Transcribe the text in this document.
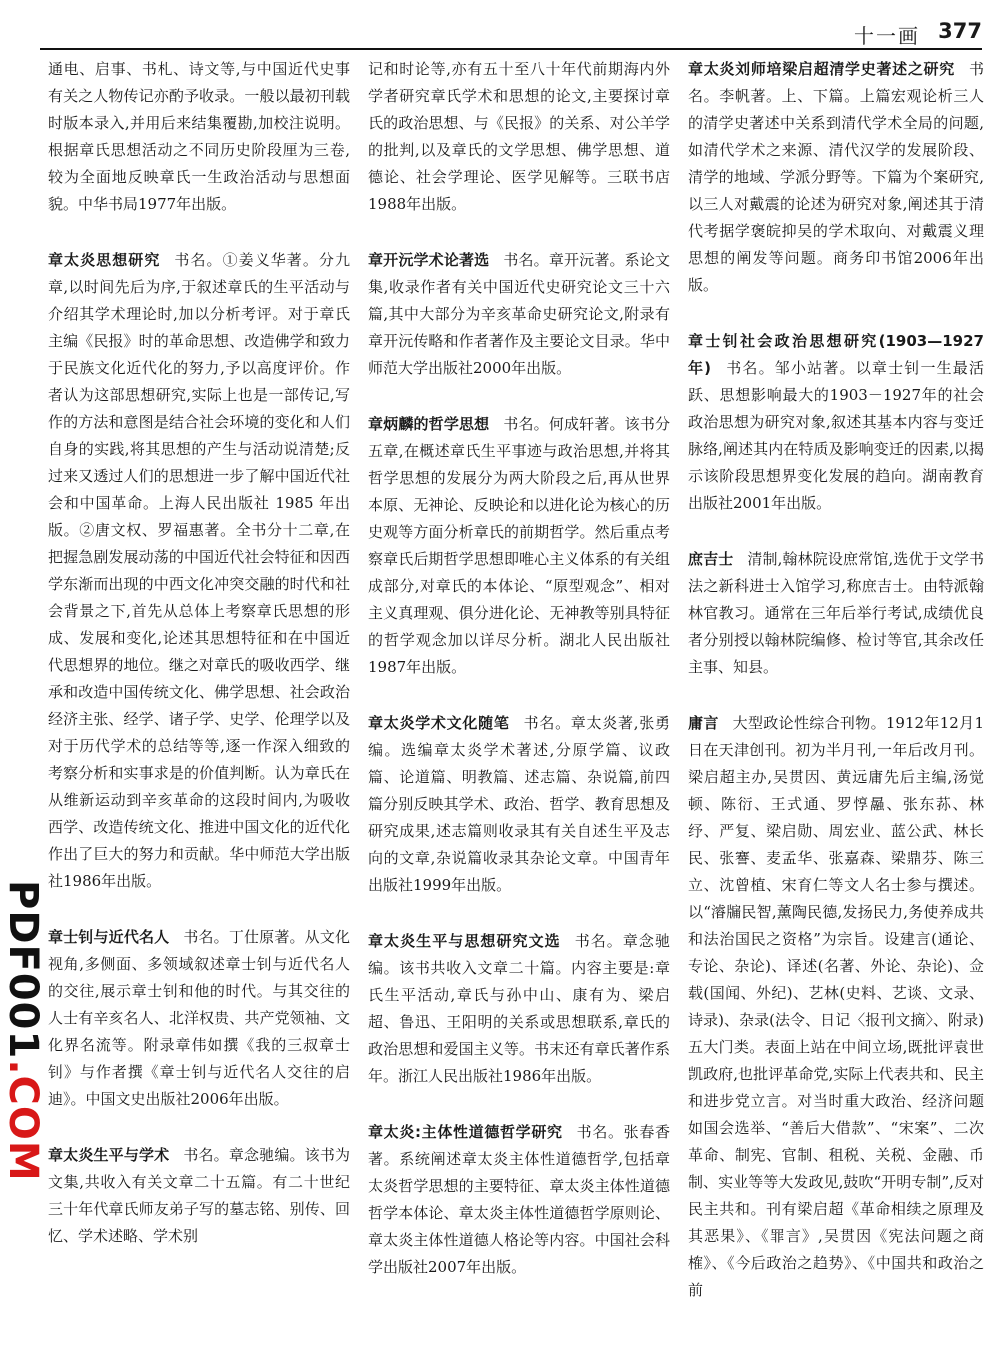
十一画 377
PDF001.COM

通电、启事、书札、诗文等,与中国近代史事有关之人物传记亦酌予收录。一般以最初刊载时版本录入,并用后来结集覆勘,加校注说明。根据章氏思想活动之不同历史阶段厘为三卷,较为全面地反映章氏一生政治活动与思想面貌。中华书局1977年出版。

章太炎思想研究 书名。①姜义华著。分九章,以时间先后为序,于叙述章氏的生平活动与介绍其学术理论时,加以分析考评。对于章氏主编《民报》时的革命思想、改造佛学和致力于民族文化近代化的努力,予以高度评价。作者认为这部思想研究,实际上也是一部传记,写作的方法和意图是结合社会环境的变化和人们自身的实践,将其思想的产生与活动说清楚;反过来又透过人们的思想进一步了解中国近代社会和中国革命。上海人民出版社 1985 年出版。②唐文权、罗福惠著。全书分十二章,在把握急剧发展动荡的中国近代社会特征和因西学东渐而出现的中西文化冲突交融的时代和社会背景之下,首先从总体上考察章氏思想的形成、发展和变化,论述其思想特征和在中国近代思想界的地位。继之对章氏的吸收西学、继承和改造中国传统文化、佛学思想、社会政治经济主张、经学、诸子学、史学、伦理学以及对于历代学术的总结等等,逐一作深入细致的考察分析和实事求是的价值判断。认为章氏在从维新运动到辛亥革命的这段时间内,为吸收西学、改造传统文化、推进中国文化的近代化作出了巨大的努力和贡献。华中师范大学出版社1986年出版。

章士钊与近代名人 书名。丁仕原著。从文化视角,多侧面、多领域叙述章士钊与近代名人的交往,展示章士钊和他的时代。与其交往的人士有辛亥名人、北洋权贵、共产党领袖、文化界名流等。附录章伟如撰《我的三叔章士钊》与作者撰《章士钊与近代名人交往的启迪》。中国文史出版社2006年出版。

章太炎生平与学术 书名。章念驰编。该书为文集,共收入有关文章二十五篇。有二十世纪三十年代章氏师友弟子写的墓志铭、别传、回忆、学术述略、学术别

记和时论等,亦有五十至八十年代前期海内外学者研究章氏学术和思想的论文,主要探讨章氏的政治思想、与《民报》的关系、对公羊学的批判,以及章氏的文学思想、佛学思想、道德论、社会学理论、医学见解等。三联书店1988年出版。

章开沅学术论著选 书名。章开沅著。系论文集,收录作者有关中国近代史研究论文三十六篇,其中大部分为辛亥革命史研究论文,附录有章开沅传略和作者著作及主要论文目录。华中师范大学出版社2000年出版。

章炳麟的哲学思想 书名。何成轩著。该书分五章,在概述章氏生平事迹与政治思想,并将其哲学思想的发展分为两大阶段之后,再从世界本原、无神论、反映论和以进化论为核心的历史观等方面分析章氏的前期哲学。然后重点考察章氏后期哲学思想即唯心主义体系的有关组成部分,对章氏的本体论、“原型观念”、相对主义真理观、俱分进化论、无神教等别具特征的哲学观念加以详尽分析。湖北人民出版社1987年出版。

章太炎学术文化随笔 书名。章太炎著,张勇编。选编章太炎学术著述,分原学篇、议政篇、论道篇、明教篇、述志篇、杂说篇,前四篇分别反映其学术、政治、哲学、教育思想及研究成果,述志篇则收录其有关自述生平及志向的文章,杂说篇收录其杂论文章。中国青年出版社1999年出版。

章太炎生平与思想研究文选 书名。章念驰编。该书共收入文章二十篇。内容主要是:章氏生平活动,章氏与孙中山、康有为、梁启超、鲁迅、王阳明的关系或思想联系,章氏的政治思想和爱国主义等。书末还有章氏著作系年。浙江人民出版社1986年出版。

章太炎:主体性道德哲学研究 书名。张春香著。系统阐述章太炎主体性道德哲学,包括章太炎哲学思想的主要特征、章太炎主体性道德哲学本体论、章太炎主体性道德哲学原则论、章太炎主体性道德人格论等内容。中国社会科学出版社2007年出版。

章太炎刘师培梁启超清学史著述之研究 书名。李帆著。上、下篇。上篇宏观论析三人的清学史著述中关系到清代学术全局的问题,如清代学术之来源、清代汉学的发展阶段、清学的地域、学派分野等。下篇为个案研究,以三人对戴震的论述为研究对象,阐述其于清代考据学褒皖抑吴的学术取向、对戴震义理思想的阐发等问题。商务印书馆2006年出版。

章士钊社会政治思想研究(1903—1927年) 书名。邹小站著。以章士钊一生最活跃、思想影响最大的1903－1927年的社会政治思想为研究对象,叙述其基本内容与变迁脉络,阐述其内在特质及影响变迁的因素,以揭示该阶段思想界变化发展的趋向。湖南教育出版社2001年出版。

庶吉士 清制,翰林院设庶常馆,选优于文学书法之新科进士入馆学习,称庶吉士。由特派翰林官教习。通常在三年后举行考试,成绩优良者分别授以翰林院编修、检讨等官,其余改任主事、知县。

庸言 大型政论性综合刊物。1912年12月1日在天津创刊。初为半月刊,一年后改月刊。梁启超主办,吴贯因、黄远庸先后主编,汤觉顿、陈衍、王式通、罗惇曧、张东荪、林纾、严复、梁启勋、周宏业、蓝公武、林长民、张謇、麦孟华、张嘉森、梁鼎芬、陈三立、沈曾植、宋育仁等文人名士参与撰述。以“濬牖民智,薰陶民德,发扬民力,务使养成共和法治国民之资格”为宗旨。设建言(通论、专论、杂论)、译述(名著、外论、杂论)、佥载(国闻、外纪)、艺林(史料、艺谈、文录、诗录)、杂录(法令、日记〈报刊文摘〉、附录)五大门类。表面上站在中间立场,既批评袁世凯政府,也批评革命党,实际上代表共和、民主和进步党立言。对当时重大政治、经济问题如国会选举、“善后大借款”、“宋案”、二次革命、制宪、官制、租税、关税、金融、币制、实业等等大发政见,鼓吹“开明专制”,反对民主共和。刊有梁启超《革命相续之原理及其恶果》、《罪言》,吴贯因《宪法问题之商榷》、《今后政治之趋势》、《中国共和政治之前
